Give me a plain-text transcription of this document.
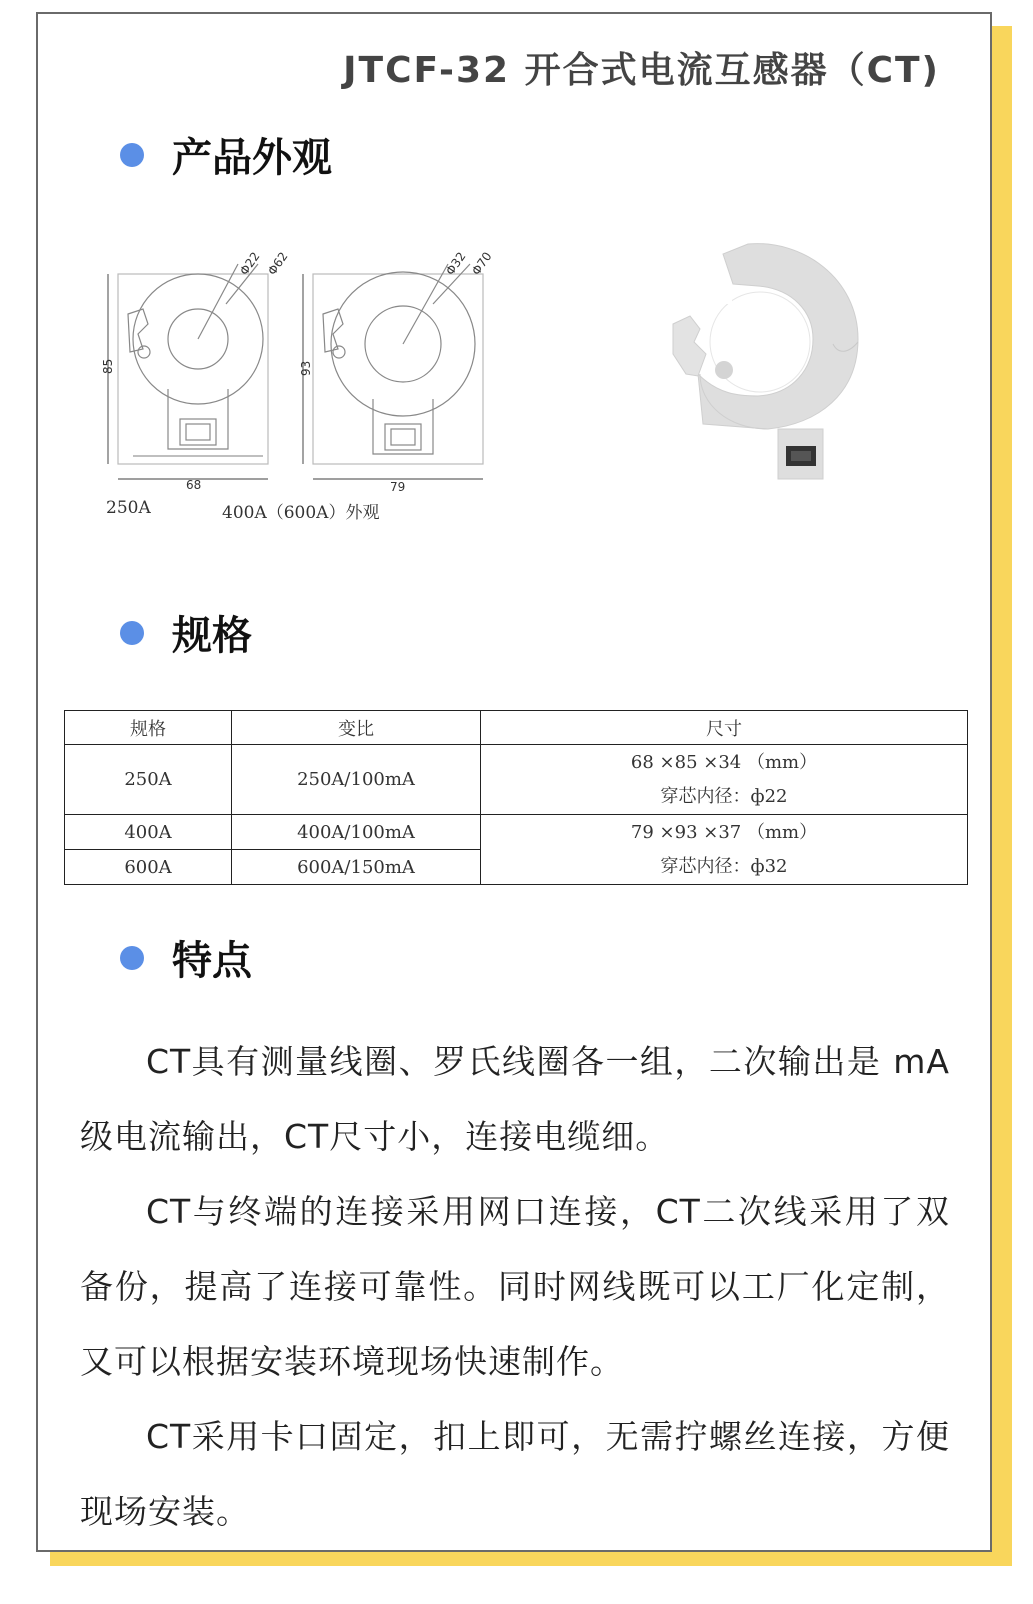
JTCF-32 开合式电流互感器（CT)
产品外观
68
85
Φ22 Φ62
79
93
Φ32 Φ70
250A	400A（600A）外观
规格
规格	变比	尺寸
250A	250A/100mA	68 ×85 ×34 （mm）
穿芯内径：ф22

400A	400A/100mA	79 ×93 ×37 （mm）
穿芯内径：ф32

600A	600A/150mA	
特点

CT具有测量线圈、罗氏线圈各一组，二次输出是 mA 级电流输出，CT尺寸小，连接电缆细。

CT与终端的连接采用网口连接，CT二次线采用了双备份，提高了连接可靠性。同时网线既可以工厂化定制，又可以根据安装环境现场快速制作。

CT采用卡口固定，扣上即可，无需拧螺丝连接，方便现场安装。
